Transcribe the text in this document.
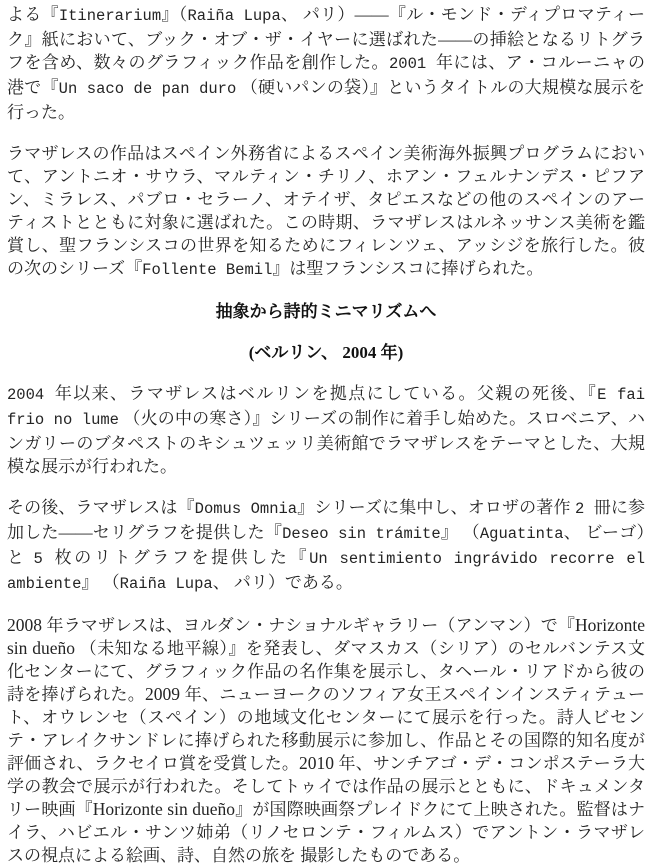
よる『Itinerarium』（Raiña Lupa、 パリ）――『ル・モンド・ディプロマティーク』紙において、ブック・オブ・ザ・イヤーに選ばれた――の挿絵となるリトグラフを含め、数々のグラフィック作品を創作した。2001 年には、ア・コルーニャの港で『Un saco de pan duro （硬いパンの袋）』というタイトルの大規模な展示を行った。

ラマザレスの作品はスペイン外務省によるスペイン美術海外振興プログラムにおいて、アントニオ・サウラ、マルティン・チリノ、ホアン・フェルナンデス・ピフアン、ミラレス、パブロ・セラーノ、オテイザ、タピエスなどの他のスペインのアーティストとともに対象に選ばれた。この時期、ラマザレスはルネッサンス美術を鑑賞し、聖フランシスコの世界を知るためにフィレンツェ、アッシジを旅行した。彼の次のシリーズ『Follente Bemil』は聖フランシスコに捧げられた。

抽象から詩的ミニマリズムへ
(ベルリン、 2004 年)

2004 年以来、ラマザレスはベルリンを拠点にしている。父親の死後、『E fai frio no lume （火の中の寒さ）』シリーズの制作に着手し始めた。スロベニア、ハンガリーのブタペストのキシュツェッリ美術館でラマザレスをテーマとした、大規模な展示が行われた。

その後、ラマザレスは『Domus Omnia』シリーズに集中し、オロザの著作 2 冊に参加した――セリグラフを提供した『Deseo sin trámite』 （Aguatinta、 ビーゴ）と 5 枚のリトグラフを提供した『Un sentimiento ingrávido recorre el ambiente』 （Raiña Lupa、 パリ）である。

2008 年ラマザレスは、ヨルダン・ナショナルギャラリー（アンマン）で『Horizonte sin dueño （未知なる地平線）』を発表し、ダマスカス（シリア）のセルバンテス文化センターにて、グラフィック作品の名作集を展示し、タヘール・リアドから彼の詩を捧げられた。2009 年、ニューヨークのソフィア女王スペインインスティテュート、オウレンセ（スペイン）の地域文化センターにて展示を行った。詩人ビセンテ・アレイクサンドレに捧げられた移動展示に参加し、作品とその国際的知名度が評価され、ラクセイロ賞を受賞した。2010 年、サンチアゴ・デ・コンポステーラ大学の教会で展示が行われた。そしてトゥイでは作品の展示とともに、ドキュメンタリー映画『Horizonte sin dueño』が国際映画祭プレイドクにて上映された。監督はナイラ、ハビエル・サンツ姉弟（リノセロンテ・フィルムス）でアントン・ラマザレスの視点による絵画、詩、自然の旅を 撮影したものである。
